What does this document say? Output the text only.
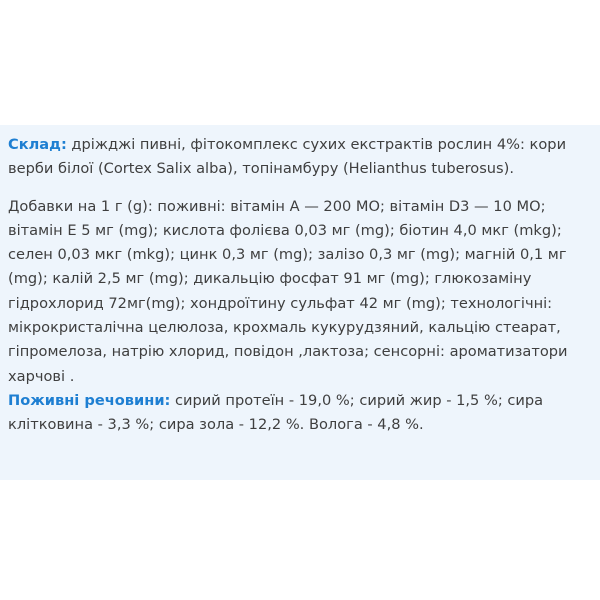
Склад: дріжджі пивні, фітокомплекс сухих екстрактів рослин 4%: кори верби білої (Cortex Salix alba), топінамбуру (Helianthus tuberosus).

Добавки на 1 г (g): поживні: вітамін А — 200 МО; вітамін D3 — 10 МО; вітамін Е 5 мг (mg); кислота фолієва 0,03 мг (mg); біотин 4,0 мкг (mkg); селен 0,03 мкг (mkg); цинк 0,3 мг (mg); залізо 0,3 мг (mg); магній 0,1 мг (mg); калій 2,5 мг (mg); дикальцію фосфат 91 мг (mg); глюкозаміну гідрохлорид 72мг(mg); хондроїтину сульфат 42 мг (mg); технологічні: мікрокристалічна целюлоза, крохмаль кукурудзяний, кальцію стеарат, гіпромелоза, натрію хлорид, повідон ,лактоза; сенсорні: ароматизатори харчові .

Поживні речовини: сирий протеїн - 19,0 %; сирий жир - 1,5 %; сира клітковина - 3,3 %; сира зола - 12,2 %. Волога - 4,8 %.
